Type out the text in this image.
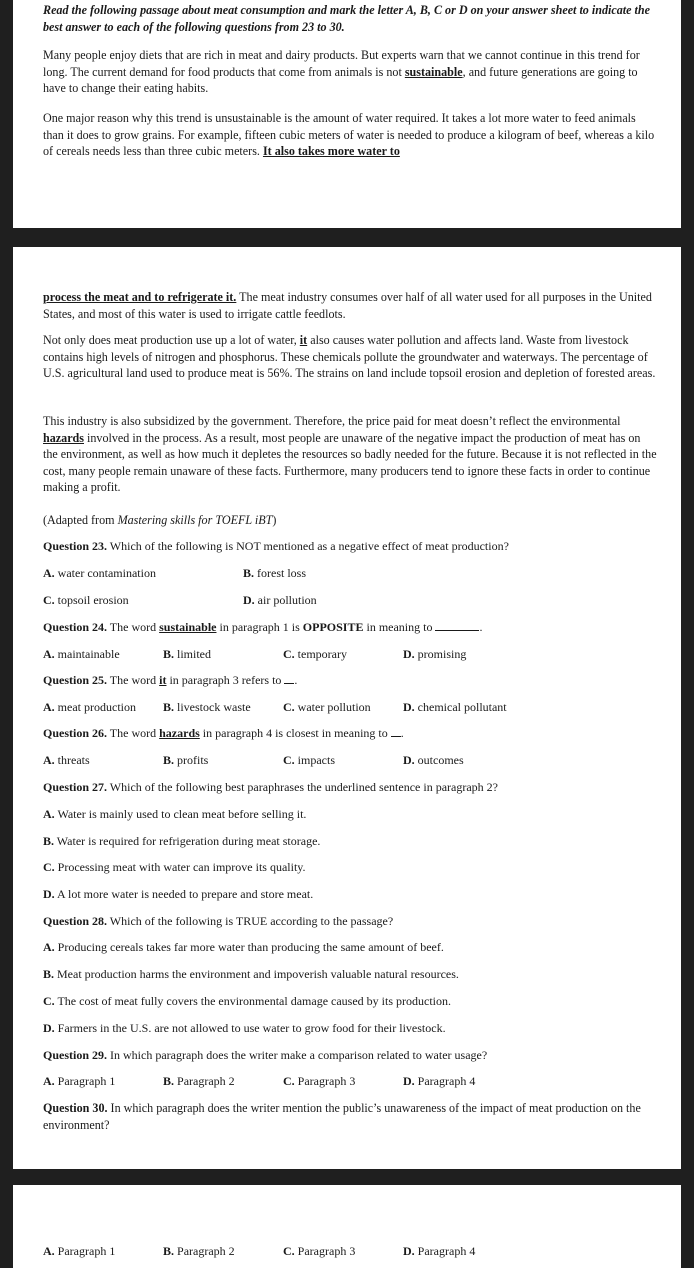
Read the following passage about meat consumption and mark the letter A, B, C or D on your answer sheet to indicate the best answer to each of the following questions from 23 to 30.

Many people enjoy diets that are rich in meat and dairy products. But experts warn that we cannot continue in this trend for long. The current demand for food products that come from animals is not sustainable, and future generations are going to have to change their eating habits.

One major reason why this trend is unsustainable is the amount of water required. It takes a lot more water to feed animals than it does to grow grains. For example, fifteen cubic meters of water is needed to produce a kilogram of beef, whereas a kilo of cereals needs less than three cubic meters. It also takes more water to

process the meat and to refrigerate it. The meat industry consumes over half of all water used for all purposes in the United States, and most of this water is used to irrigate cattle feedlots.

Not only does meat production use up a lot of water, it also causes water pollution and affects land. Waste from livestock contains high levels of nitrogen and phosphorus. These chemicals pollute the groundwater and waterways. The percentage of U.S. agricultural land used to produce meat is 56%. The strains on land include topsoil erosion and depletion of forested areas.

This industry is also subsidized by the government. Therefore, the price paid for meat doesn’t reflect the environmental hazards involved in the process. As a result, most people are unaware of the negative impact the production of meat has on the environment, as well as how much it depletes the resources so badly needed for the future. Because it is not reflected in the cost, many people remain unaware of these facts. Furthermore, many producers tend to ignore these facts in order to continue making a profit.

(Adapted from Mastering skills for TOEFL iBT)

Question 23. Which of the following is NOT mentioned as a negative effect of meat production?
A. water contamination	B. forest loss
C. topsoil erosion	D. air pollution
Question 24. The word sustainable in paragraph 1 is OPPOSITE in meaning to	.
A. maintainable	B. limited	C. temporary	D. promising
Question 25. The word it in paragraph 3 refers to .
A. meat production B. livestock waste	C. water pollution	D. chemical pollutant
Question 26. The word hazards in paragraph 4 is closest in meaning to .
A. threats	B. profits	C. impacts	D. outcomes
Question 27. Which of the following best paraphrases the underlined sentence in paragraph 2?
A. Water is mainly used to clean meat before selling it.
B. Water is required for refrigeration during meat storage.
C. Processing meat with water can improve its quality.
D. A lot more water is needed to prepare and store meat.
Question 28. Which of the following is TRUE according to the passage?
A. Producing cereals takes far more water than producing the same amount of beef.
B. Meat production harms the environment and impoverish valuable natural resources.
C. The cost of meat fully covers the environmental damage caused by its production.
D. Farmers in the U.S. are not allowed to use water to grow food for their livestock.
Question 29. In which paragraph does the writer make a comparison related to water usage?
A. Paragraph 1	B. Paragraph 2	C. Paragraph 3	D. Paragraph 4

Question 30. In which paragraph does the writer mention the public’s unawareness of the impact of meat production on the environment?

A. Paragraph 1	B. Paragraph 2	C. Paragraph 3	D. Paragraph 4
